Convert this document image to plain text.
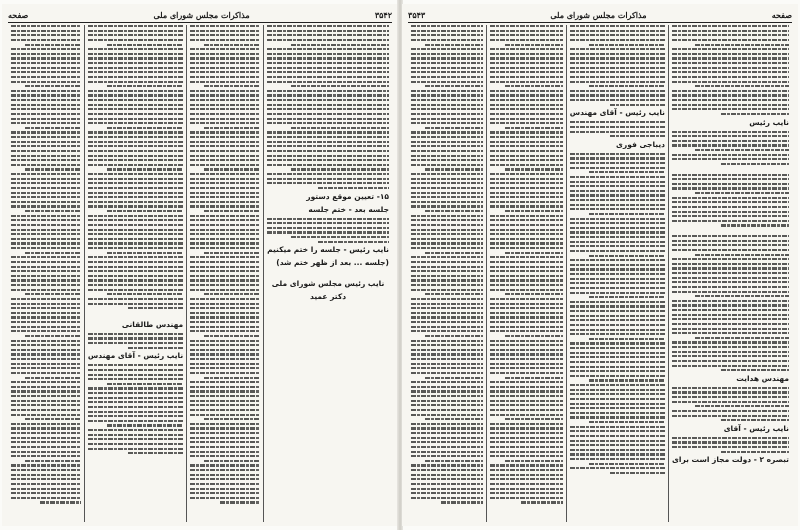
۳۵۴۲
مذاکرات مجلس شورای ملی
صفحه
۱۵- تعیین موقع دستور
جلسه بعد - ختم جلسه
نایب رئیس - جلسه را ختم میکنیم
(جلسه ... بعد از ظهر ختم شد)
نایب رئیس مجلس شورای ملی
دکتر عمید
مهندس طالقانی
نایب رئیس - آقای مهندس
صفحه
مذاکرات مجلس شورای ملی
۳۵۴۳
نایب رئیس
مهندس هدایت
نایب رئیس - آقای
تبصره ۲ - دولت مجاز است برای
نایب رئیس - آقای مهندس
دیباجی فوری
